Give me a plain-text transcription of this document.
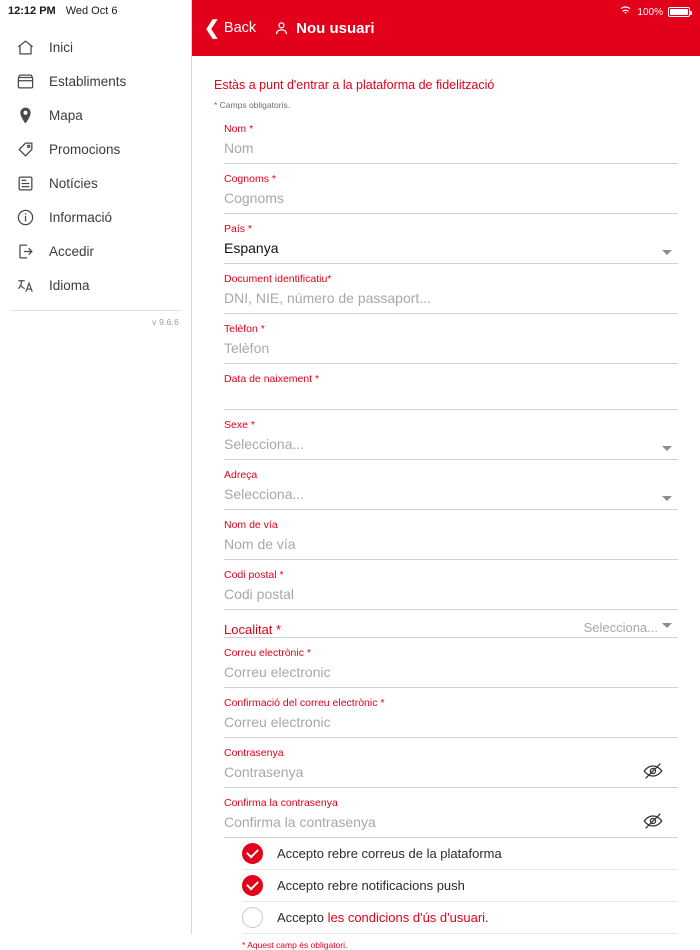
12:12 PM Wed Oct 6
Inici
Establiments
Mapa
Promocions
Notícies
Informació
Accedir
Idioma
v 9.6.6
❮ Back	Nou usuari
100%
Estàs a punt d'entrar a la plataforma de fidelització
* Camps obligatoris.
Nom *
Nom
Cognoms *
Cognoms
País *
Espanya
Document identificatiu*
DNI, NIE, número de passaport...
Telèfon *
Telèfon
Data de naixement *
Sexe *
Selecciona...
Adreça
Selecciona...
Nom de vía
Nom de vía
Codi postal *
Codi postal
Localitat *	Selecciona...
Correu electrònic *
Correu electronic
Confirmació del correu electrònic *
Correu electronic
Contrasenya
Contrasenya
Confirma la contrasenya
Confirma la contrasenya
Accepto rebre correus de la plataforma
Accepto rebre notificacions push
Accepto les condicions d'ús d'usuari.
* Aquest camp és obligatori.
